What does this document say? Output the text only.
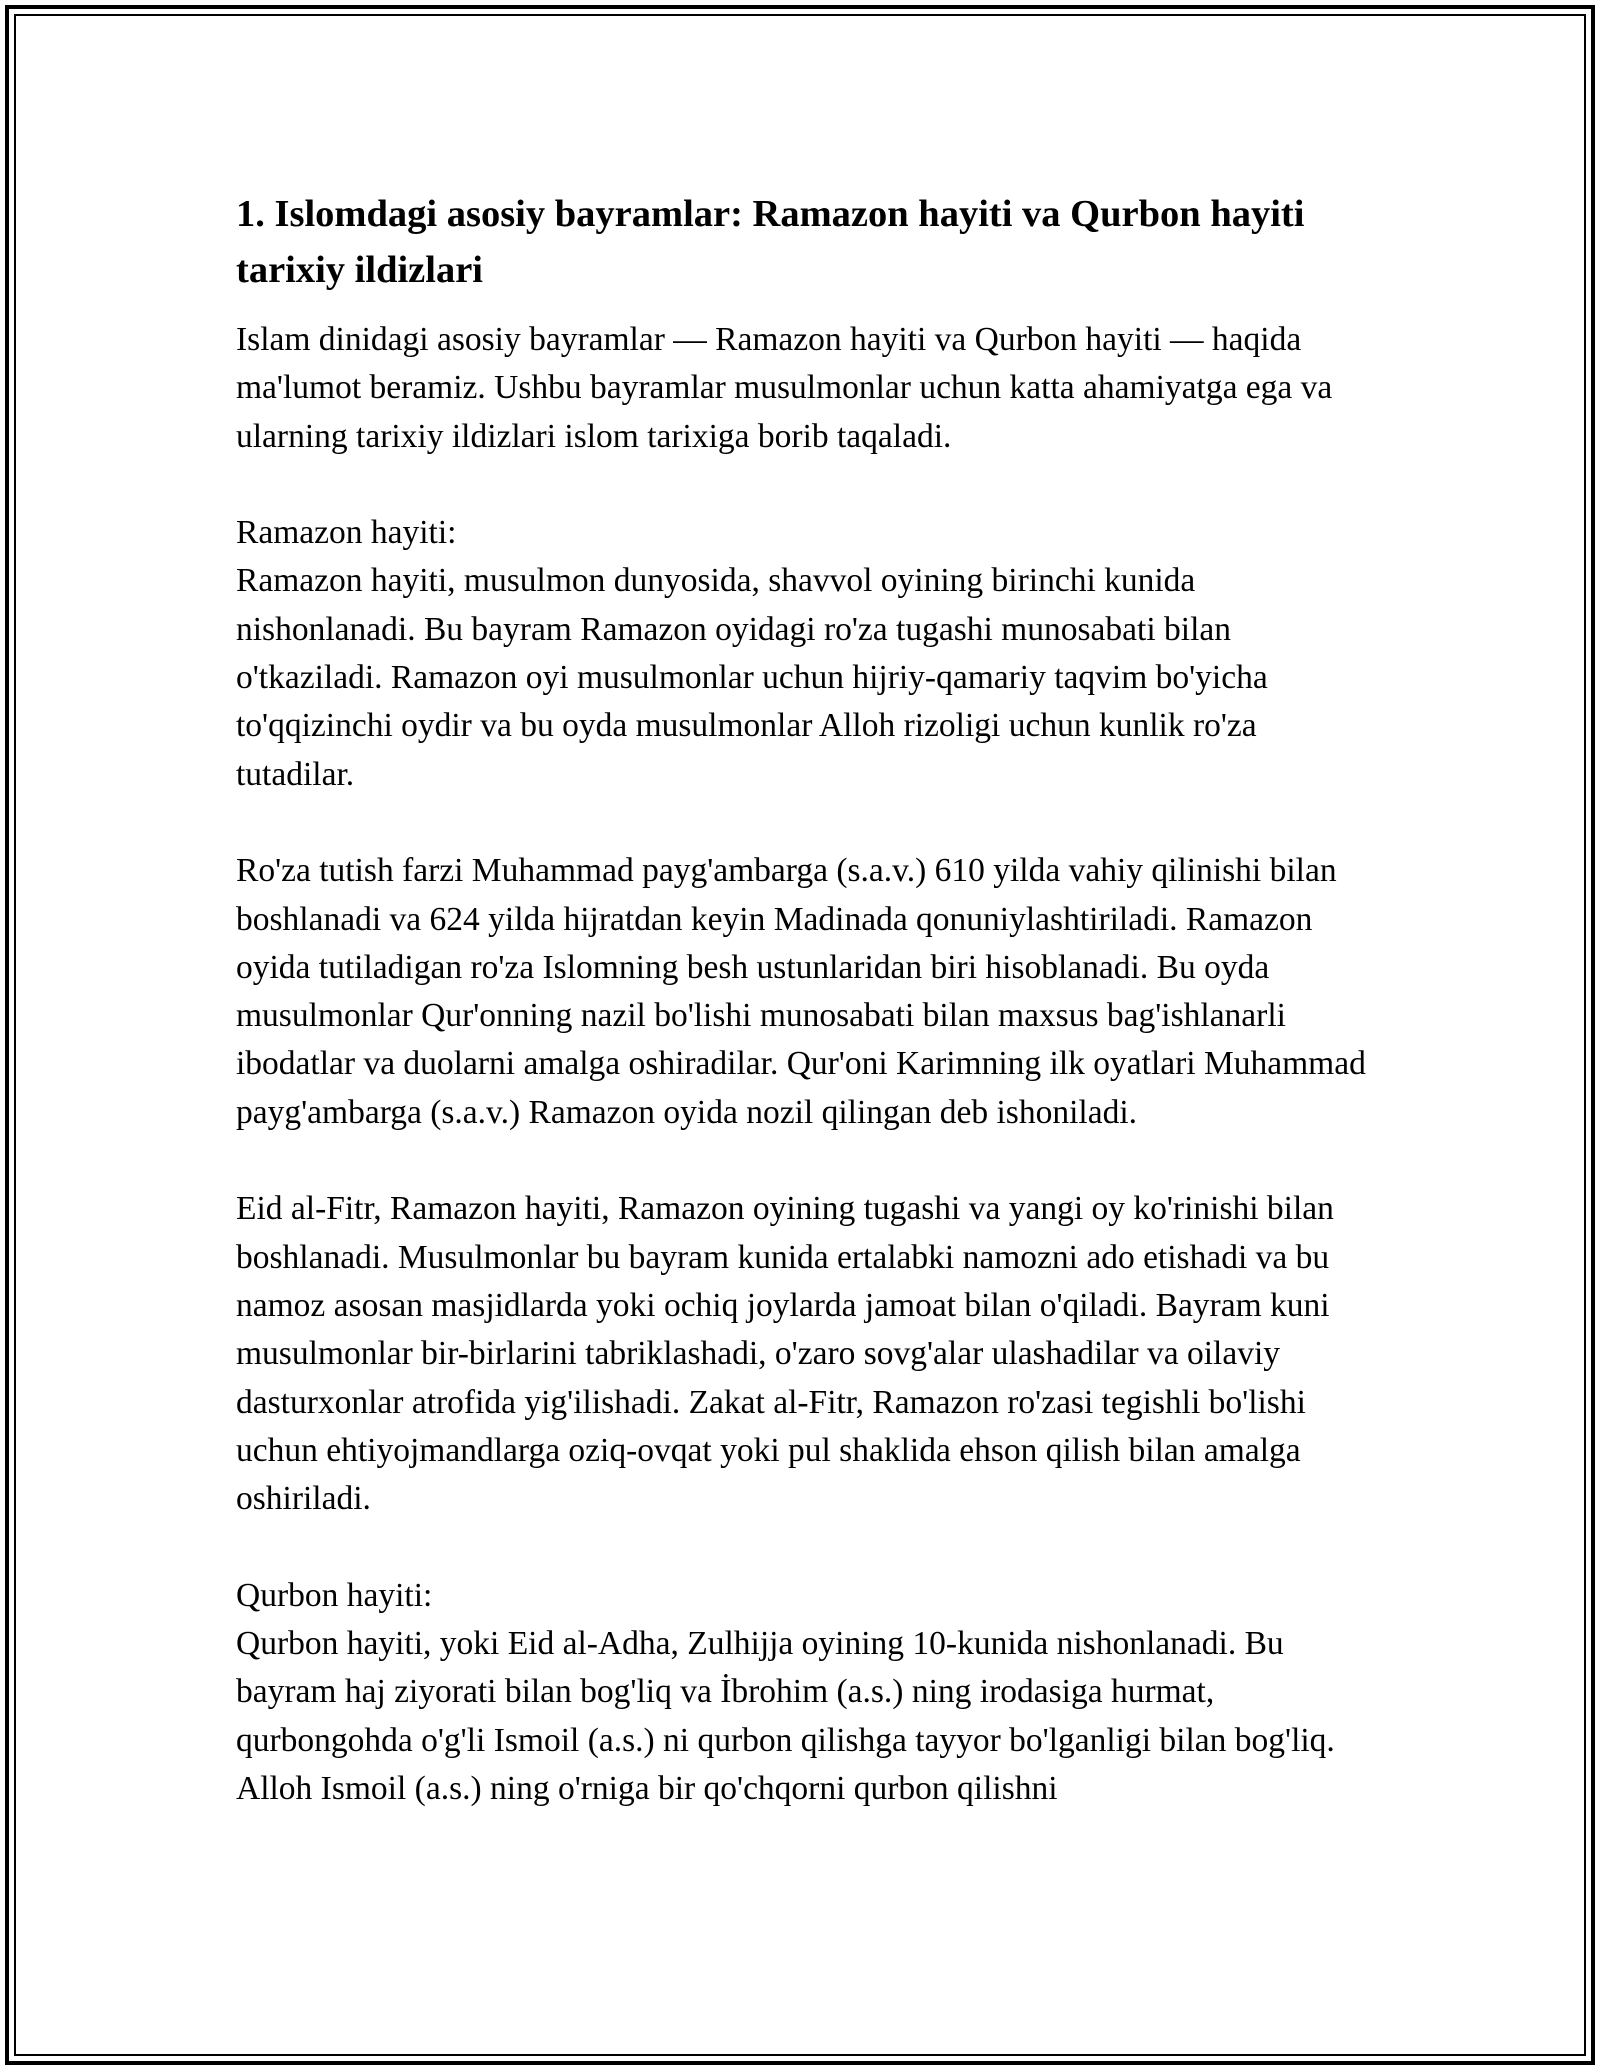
1. Islomdagi asosiy bayramlar: Ramazon hayiti va Qurbon hayiti tarixiy ildizlari

Islam dinidagi asosiy bayramlar — Ramazon hayiti va Qurbon hayiti — haqida ma'lumot beramiz. Ushbu bayramlar musulmonlar uchun katta ahamiyatga ega va ularning tarixiy ildizlari islom tarixiga borib taqaladi.

Ramazon hayiti:
Ramazon hayiti, musulmon dunyosida, shavvol oyining birinchi kunida nishonlanadi. Bu bayram Ramazon oyidagi ro'za tugashi munosabati bilan o'tkaziladi. Ramazon oyi musulmonlar uchun hijriy-qamariy taqvim bo'yicha to'qqizinchi oydir va bu oyda musulmonlar Alloh rizoligi uchun kunlik ro'za tutadilar.

Ro'za tutish farzi Muhammad payg'ambarga (s.a.v.) 610 yilda vahiy qilinishi bilan boshlanadi va 624 yilda hijratdan keyin Madinada qonuniylashtiriladi. Ramazon oyida tutiladigan ro'za Islomning besh ustunlaridan biri hisoblanadi. Bu oyda musulmonlar Qur'onning nazil bo'lishi munosabati bilan maxsus bag'ishlanarli ibodatlar va duolarni amalga oshiradilar. Qur'oni Karimning ilk oyatlari Muhammad payg'ambarga (s.a.v.) Ramazon oyida nozil qilingan deb ishoniladi.

Eid al-Fitr, Ramazon hayiti, Ramazon oyining tugashi va yangi oy ko'rinishi bilan boshlanadi. Musulmonlar bu bayram kunida ertalabki namozni ado etishadi va bu namoz asosan masjidlarda yoki ochiq joylarda jamoat bilan o'qiladi. Bayram kuni musulmonlar bir-birlarini tabriklashadi, o'zaro sovg'alar ulashadilar va oilaviy dasturxonlar atrofida yig'ilishadi. Zakat al-Fitr, Ramazon ro'zasi tegishli bo'lishi uchun ehtiyojmandlarga oziq-ovqat yoki pul shaklida ehson qilish bilan amalga oshiriladi.

Qurbon hayiti:
Qurbon hayiti, yoki Eid al-Adha, Zulhijja oyining 10-kunida nishonlanadi. Bu bayram haj ziyorati bilan bog'liq va İbrohim (a.s.) ning irodasiga hurmat, qurbongohda o'g'li Ismoil (a.s.) ni qurbon qilishga tayyor bo'lganligi bilan bog'liq. Alloh Ismoil (a.s.) ning o'rniga bir qo'chqorni qurbon qilishni
